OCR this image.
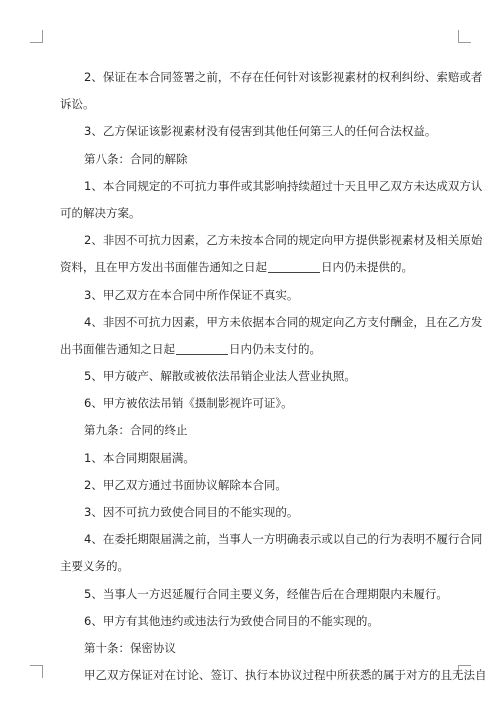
2、保证在本合同签署之前，不存在任何针对该影视素材的权利纠纷、索赔或者

诉讼。

3、乙方保证该影视素材没有侵害到其他任何第三人的任何合法权益。

第八条：合同的解除

1、本合同规定的不可抗力事件或其影响持续超过十天且甲乙双方未达成双方认

可的解决方案。

2、非因不可抗力因素，乙方未按本合同的规定向甲方提供影视素材及相关原始

资料，且在甲方发出书面催告通知之日起	日内仍未提供的。

3、甲乙双方在本合同中所作保证不真实。

4、非因不可抗力因素，甲方未依据本合同的规定向乙方支付酬金，且在乙方发

出书面催告通知之日起	日内仍未支付的。

5、甲方破产、解散或被依法吊销企业法人营业执照。

6、甲方被依法吊销《摄制影视许可证》。

第九条：合同的终止

1、本合同期限届满。

2、甲乙双方通过书面协议解除本合同。

3、因不可抗力致使合同目的不能实现的。

4、在委托期限届满之前，当事人一方明确表示或以自己的行为表明不履行合同

主要义务的。

5、当事人一方迟延履行合同主要义务，经催告后在合理期限内未履行。

6、甲方有其他违约或违法行为致使合同目的不能实现的。

第十条：保密协议

甲乙双方保证对在讨论、签订、执行本协议过程中所获悉的属于对方的且无法自
